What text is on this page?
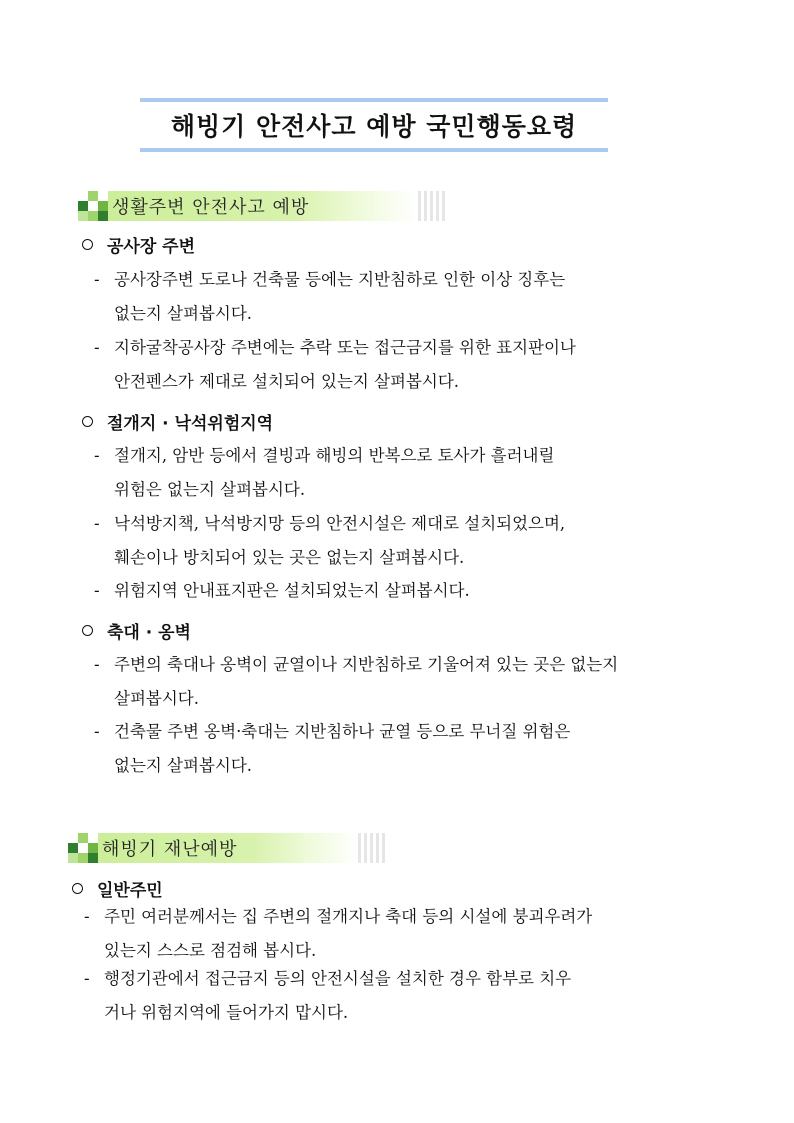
해빙기 안전사고 예방 국민행동요령
생활주변 안전사고 예방
공사장 주변
- 공사장주변 도로나 건축물 등에는 지반침하로 인한 이상 징후는
없는지 살펴봅시다.
- 지하굴착공사장 주변에는 추락 또는 접근금지를 위한 표지판이나
안전펜스가 제대로 설치되어 있는지 살펴봅시다.
절개지 · 낙석위험지역
- 절개지, 암반 등에서 결빙과 해빙의 반복으로 토사가 흘러내릴
위험은 없는지 살펴봅시다.
- 낙석방지책, 낙석방지망 등의 안전시설은 제대로 설치되었으며,
훼손이나 방치되어 있는 곳은 없는지 살펴봅시다.
- 위험지역 안내표지판은 설치되었는지 살펴봅시다.
축대 · 옹벽
- 주변의 축대나 옹벽이 균열이나 지반침하로 기울어져 있는 곳은 없는지
살펴봅시다.
- 건축물 주변 옹벽·축대는 지반침하나 균열 등으로 무너질 위험은
없는지 살펴봅시다.
해빙기 재난예방
일반주민
- 주민 여러분께서는 집 주변의 절개지나 축대 등의 시설에 붕괴우려가
있는지 스스로 점검해 봅시다.
- 행정기관에서 접근금지 등의 안전시설을 설치한 경우 함부로 치우
거나 위험지역에 들어가지 맙시다.
